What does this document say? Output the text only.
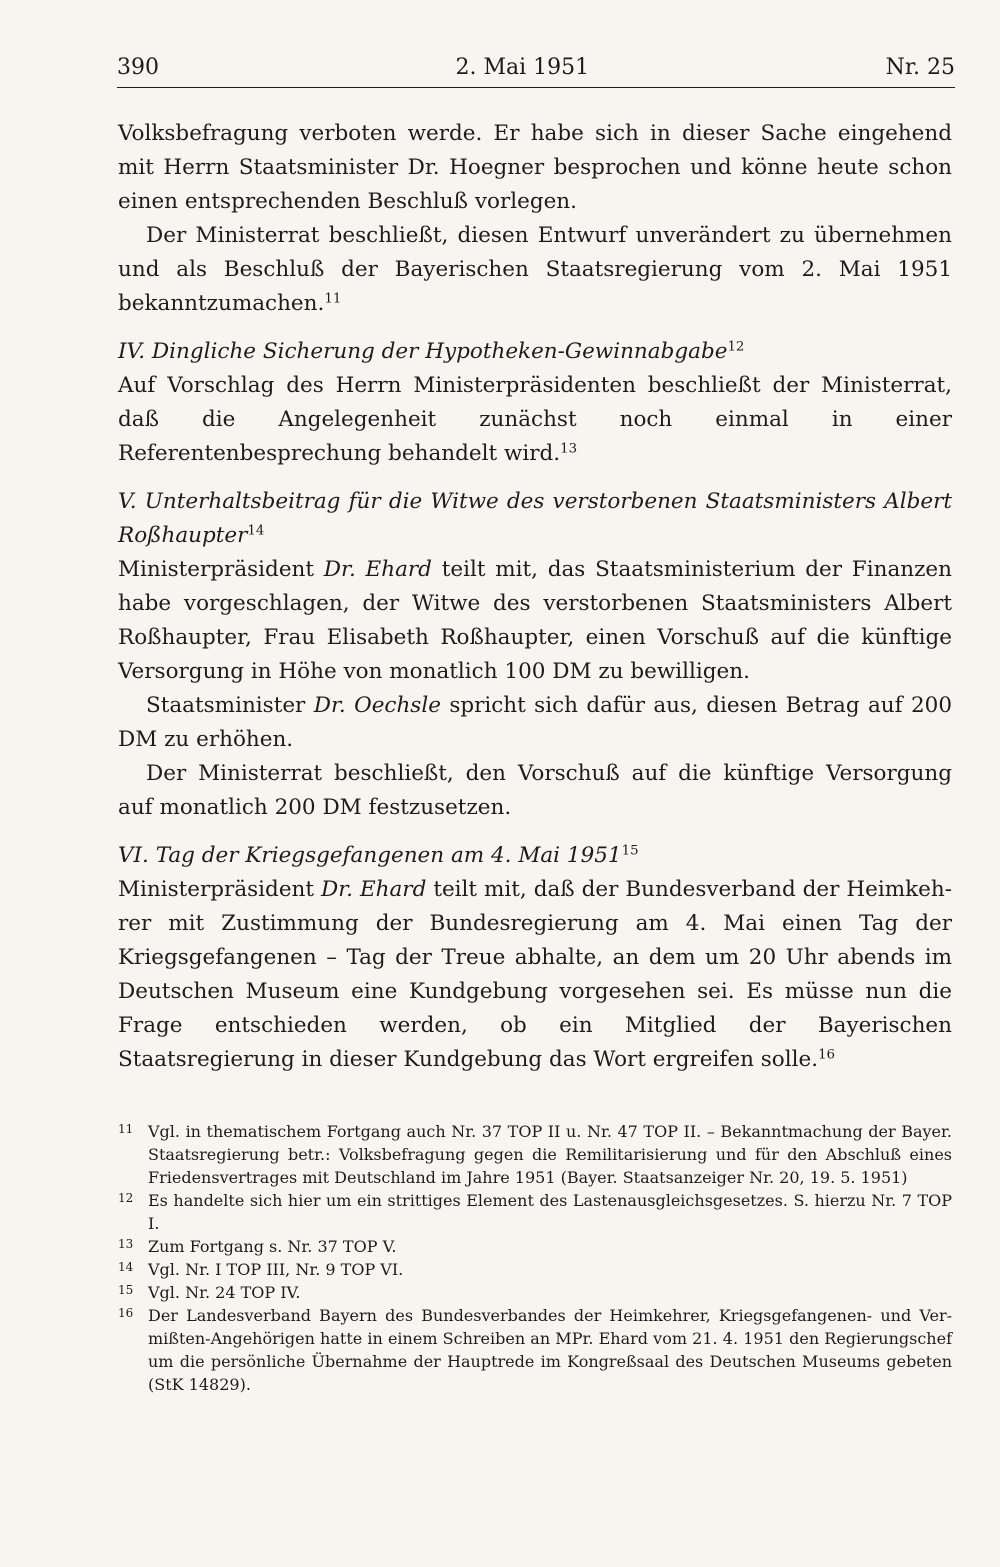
390	2. Mai 1951	Nr. 25

Volksbefragung verboten werde. Er habe sich in dieser Sache eingehend mit Herrn Staatsminister Dr. Hoegner besprochen und könne heute schon einen entsprechenden Beschluß vorlegen.

Der Ministerrat beschließt, diesen Entwurf unverändert zu übernehmen und als Beschluß der Bayerischen Staatsregierung vom 2. Mai 1951 bekanntzumachen.$^{11}$

IV. Dingliche Sicherung der Hypotheken-Gewinnabgabe$^{12}$

Auf Vorschlag des Herrn Ministerpräsidenten beschließt der Ministerrat, daß die Angelegenheit zunächst noch einmal in einer Referentenbesprechung behandelt wird.$^{13}$

V. Unterhaltsbeitrag für die Witwe des verstorbenen Staatsministers Albert Roßhaupter$^{14}$

Ministerpräsident Dr. Ehard teilt mit, das Staatsministerium der Finanzen habe vorgeschlagen, der Witwe des verstorbenen Staatsministers Albert Roßhaupter, Frau Elisabeth Roßhaupter, einen Vorschuß auf die künftige Versorgung in Höhe von monatlich 100 DM zu bewilligen.

Staatsminister Dr. Oechsle spricht sich dafür aus, diesen Betrag auf 200 DM zu erhöhen.

Der Ministerrat beschließt, den Vorschuß auf die künftige Versorgung auf monatlich 200 DM festzusetzen.

VI. Tag der Kriegsgefangenen am 4. Mai 1951$^{15}$

Ministerpräsident Dr. Ehard teilt mit, daß der Bundesverband der Heimkehrer mit Zustimmung der Bundesregierung am 4. Mai einen Tag der Kriegsgefangenen – Tag der Treue abhalte, an dem um 20 Uhr abends im Deutschen Museum eine Kundgebung vorgesehen sei. Es müsse nun die Frage entschieden werden, ob ein Mitglied der Bayerischen Staatsregierung in dieser Kundgebung das Wort ergreifen solle.$^{16}$

11 Vgl. in thematischem Fortgang auch Nr. 37 TOP II u. Nr. 47 TOP II. – Bekanntmachung der Bayer. Staatsregierung betr.: Volksbefragung gegen die Remilitarisierung und für den Abschluß eines Friedensvertrages mit Deutschland im Jahre 1951 (Bayer. Staatsanzeiger Nr. 20, 19. 5. 1951)
12 Es handelte sich hier um ein strittiges Element des Lastenausgleichsgesetzes. S. hierzu Nr. 7 TOP I.
13 Zum Fortgang s. Nr. 37 TOP V.
14 Vgl. Nr. I TOP III, Nr. 9 TOP VI.
15 Vgl. Nr. 24 TOP IV.
16 Der Landesverband Bayern des Bundesverbandes der Heimkehrer, Kriegsgefangenen- und Vermißten-Angehörigen hatte in einem Schreiben an MPr. Ehard vom 21. 4. 1951 den Regierungschef um die persönliche Übernahme der Hauptrede im Kongreßsaal des Deutschen Museums gebeten (StK 14829).
